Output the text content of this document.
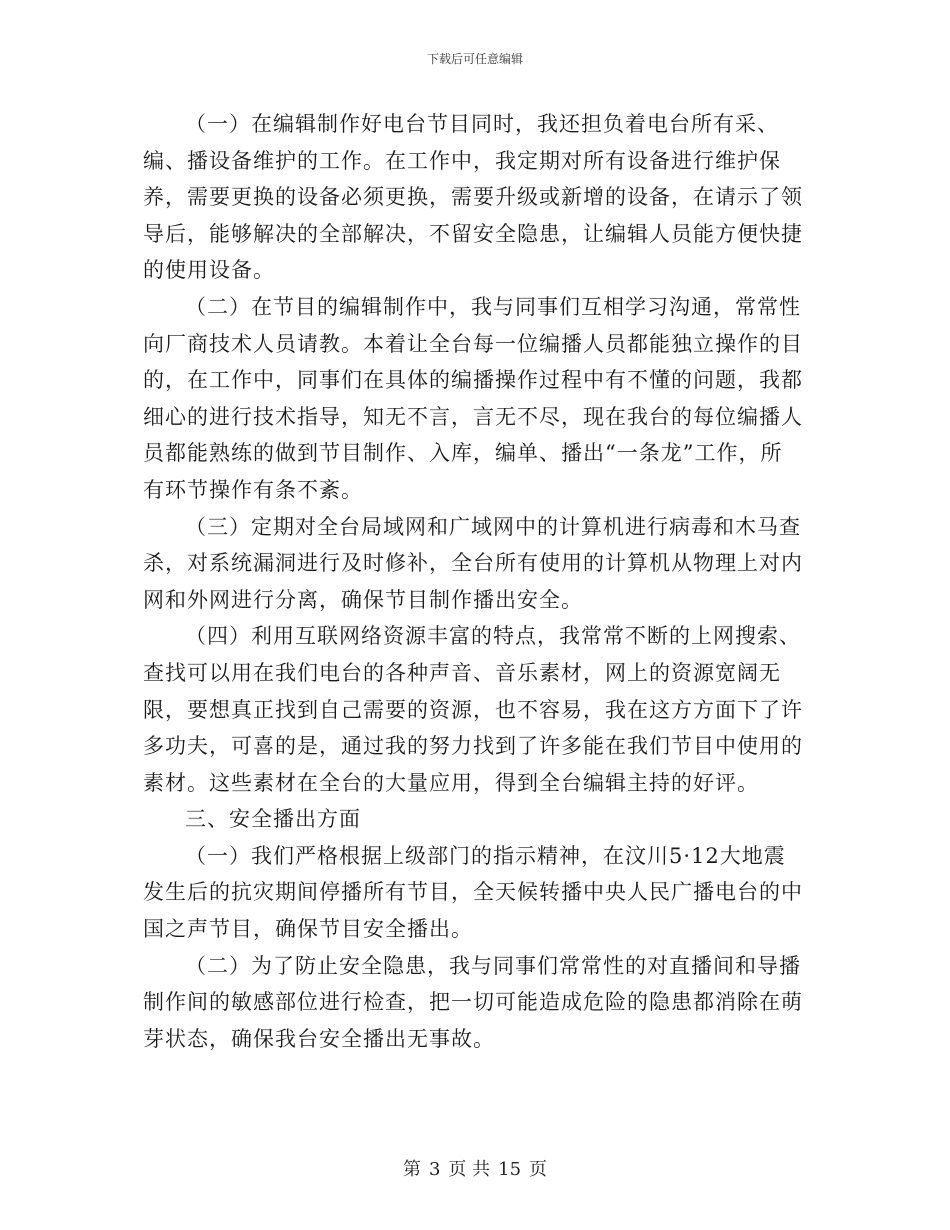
下载后可任意编辑

（一）在编辑制作好电台节目同时，我还担负着电台所有采、编、播设备维护的工作。在工作中，我定期对所有设备进行维护保养，需要更换的设备必须更换，需要升级或新增的设备，在请示了领导后，能够解决的全部解决，不留安全隐患，让编辑人员能方便快捷的使用设备。

（二）在节目的编辑制作中，我与同事们互相学习沟通，常常性向厂商技术人员请教。本着让全台每一位编播人员都能独立操作的目的，在工作中，同事们在具体的编播操作过程中有不懂的问题，我都细心的进行技术指导，知无不言，言无不尽，现在我台的每位编播人员都能熟练的做到节目制作、入库，编单、播出“一条龙”工作，所有环节操作有条不紊。

（三）定期对全台局域网和广域网中的计算机进行病毒和木马查杀，对系统漏洞进行及时修补，全台所有使用的计算机从物理上对内网和外网进行分离，确保节目制作播出安全。

（四）利用互联网络资源丰富的特点，我常常不断的上网搜索、查找可以用在我们电台的各种声音、音乐素材，网上的资源宽阔无限，要想真正找到自己需要的资源，也不容易，我在这方方面下了许多功夫，可喜的是，通过我的努力找到了许多能在我们节目中使用的素材。这些素材在全台的大量应用，得到全台编辑主持的好评。

三、安全播出方面

（一）我们严格根据上级部门的指示精神，在汶川5·12大地震发生后的抗灾期间停播所有节目，全天候转播中央人民广播电台的中国之声节目，确保节目安全播出。

（二）为了防止安全隐患，我与同事们常常性的对直播间和导播制作间的敏感部位进行检查，把一切可能造成危险的隐患都消除在萌芽状态，确保我台安全播出无事故。

第 3 页 共 15 页
